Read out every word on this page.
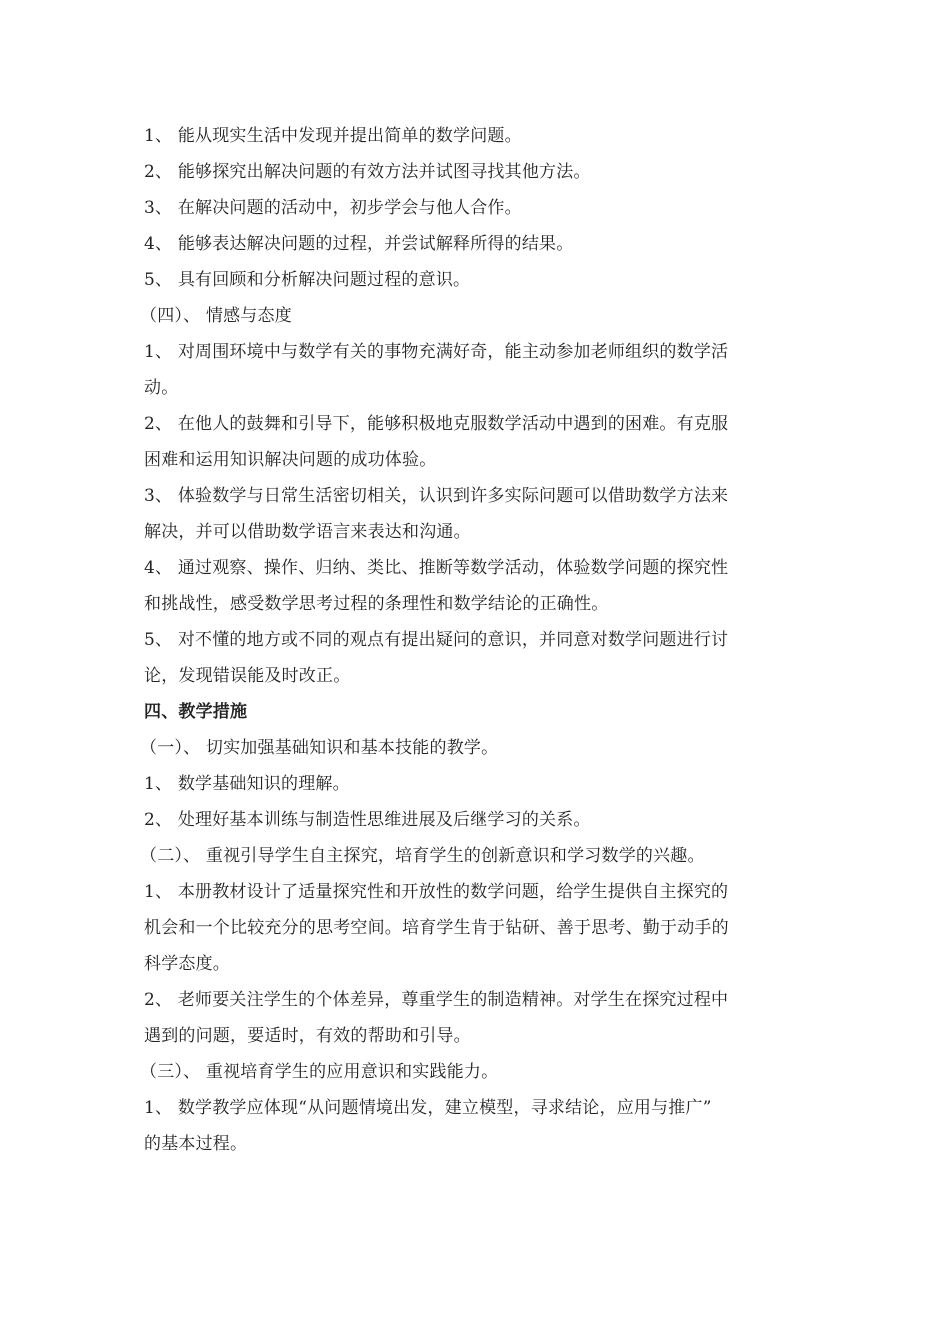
1、 能从现实生活中发现并提出简单的数学问题。
2、 能够探究出解决问题的有效方法并试图寻找其他方法。
3、 在解决问题的活动中，初步学会与他人合作。
4、 能够表达解决问题的过程，并尝试解释所得的结果。
5、 具有回顾和分析解决问题过程的意识。
（四）、 情感与态度
1、 对周围环境中与数学有关的事物充满好奇，能主动参加老师组织的数学活
动。
2、 在他人的鼓舞和引导下，能够积极地克服数学活动中遇到的困难。有克服
困难和运用知识解决问题的成功体验。
3、 体验数学与日常生活密切相关，认识到许多实际问题可以借助数学方法来
解决，并可以借助数学语言来表达和沟通。
4、 通过观察、操作、归纳、类比、推断等数学活动，体验数学问题的探究性
和挑战性，感受数学思考过程的条理性和数学结论的正确性。
5、 对不懂的地方或不同的观点有提出疑问的意识，并同意对数学问题进行讨
论，发现错误能及时改正。
四、教学措施
（一）、 切实加强基础知识和基本技能的教学。
1、 数学基础知识的理解。
2、 处理好基本训练与制造性思维进展及后继学习的关系。
（二）、 重视引导学生自主探究，培育学生的创新意识和学习数学的兴趣。
1、 本册教材设计了适量探究性和开放性的数学问题，给学生提供自主探究的
机会和一个比较充分的思考空间。培育学生肯于钻研、善于思考、勤于动手的
科学态度。
2、 老师要关注学生的个体差异，尊重学生的制造精神。对学生在探究过程中
遇到的问题，要适时，有效的帮助和引导。
（三）、 重视培育学生的应用意识和实践能力。
1、 数学教学应体现“从问题情境出发，建立模型，寻求结论，应用与推广”
的基本过程。
